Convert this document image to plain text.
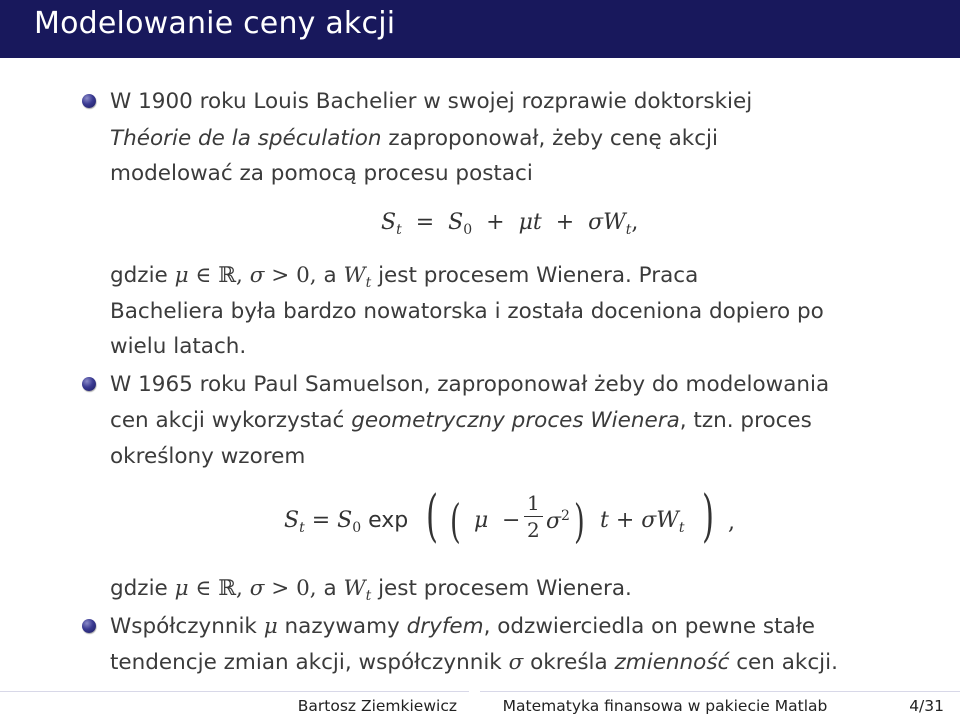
Modelowanie ceny akcji
W 1900 roku Louis Bachelier w swojej rozprawie doktorskiej
Théorie de la spéculation zaproponował, żeby cenę akcji
modelować za pomocą procesu postaci
$S_t = S_0 + \mu t + \sigma W_t$,
gdzie μ ∈ ℝ, σ > 0, a $W_t$ jest procesem Wienera. Praca
Bacheliera była bardzo nowatorska i została doceniona dopiero po
wielu latach.
W 1965 roku Paul Samuelson, zaproponował żeby do modelowania
cen akcji wykorzystać geometryczny proces Wienera, tzn. proces
określony wzorem
$S_t = S_0$ exp ( ( $\mu - \frac{1}{2} \sigma^2$ ) $t + \sigma W_t$ ) ,
gdzie μ ∈ ℝ, σ > 0, a $W_t$ jest procesem Wienera.
Współczynnik μ nazywamy dryfem, odzwierciedla on pewne stałe
tendencje zmian akcji, współczynnik σ określa zmienność cen akcji.
Bartosz Ziemkiewicz	Matematyka finansowa w pakiecie Matlab	4/31
